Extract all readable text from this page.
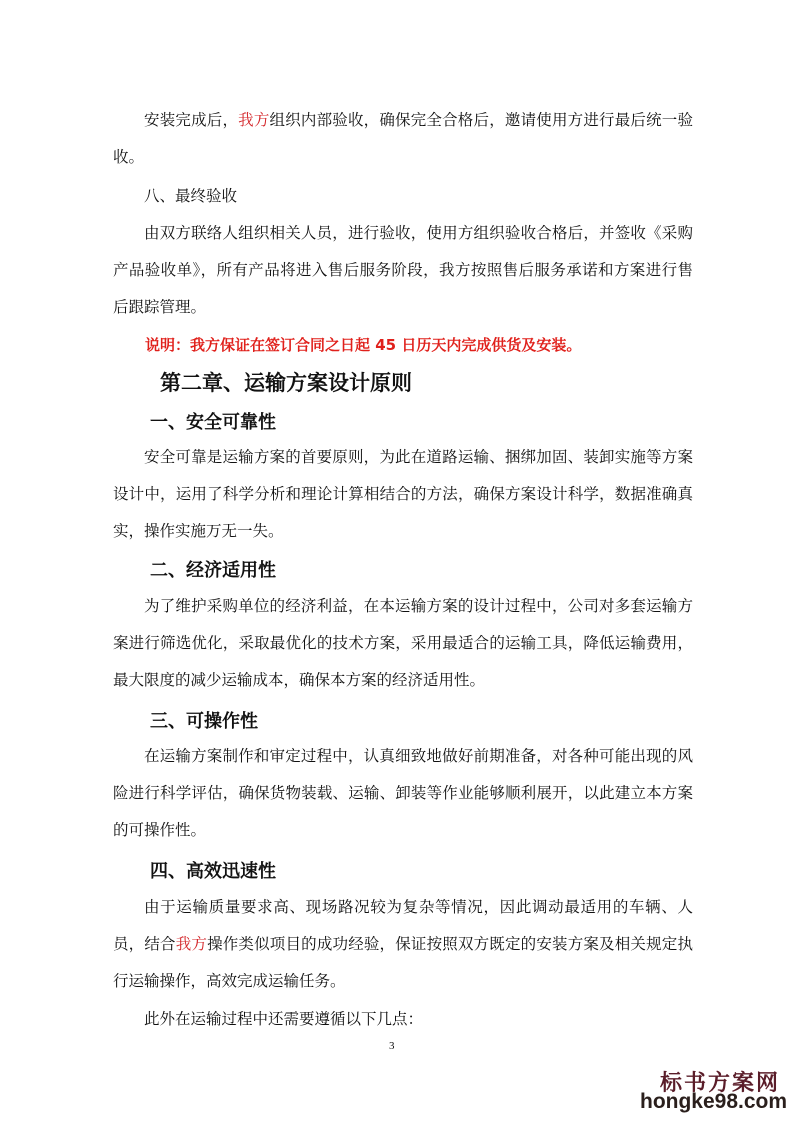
安装完成后，我方组织内部验收，确保完全合格后，邀请使用方进行最后统一验收。

八、最终验收

由双方联络人组织相关人员，进行验收，使用方组织验收合格后，并签收《采购产品验收单》，所有产品将进入售后服务阶段，我方按照售后服务承诺和方案进行售后跟踪管理。

说明：我方保证在签订合同之日起 45 日历天内完成供货及安装。

第二章、运输方案设计原则
一、安全可靠性

安全可靠是运输方案的首要原则，为此在道路运输、捆绑加固、装卸实施等方案设计中，运用了科学分析和理论计算相结合的方法，确保方案设计科学，数据准确真实，操作实施万无一失。

二、经济适用性

为了维护采购单位的经济利益，在本运输方案的设计过程中，公司对多套运输方案进行筛选优化，采取最优化的技术方案，采用最适合的运输工具，降低运输费用，最大限度的减少运输成本，确保本方案的经济适用性。

三、可操作性

在运输方案制作和审定过程中，认真细致地做好前期准备，对各种可能出现的风险进行科学评估，确保货物装载、运输、卸装等作业能够顺利展开，以此建立本方案的可操作性。

四、高效迅速性

由于运输质量要求高、现场路况较为复杂等情况，因此调动最适用的车辆、人员，结合我方操作类似项目的成功经验，保证按照双方既定的安装方案及相关规定执行运输操作，高效完成运输任务。

此外在运输过程中还需要遵循以下几点：

3
标书方案网
hongke98.com
